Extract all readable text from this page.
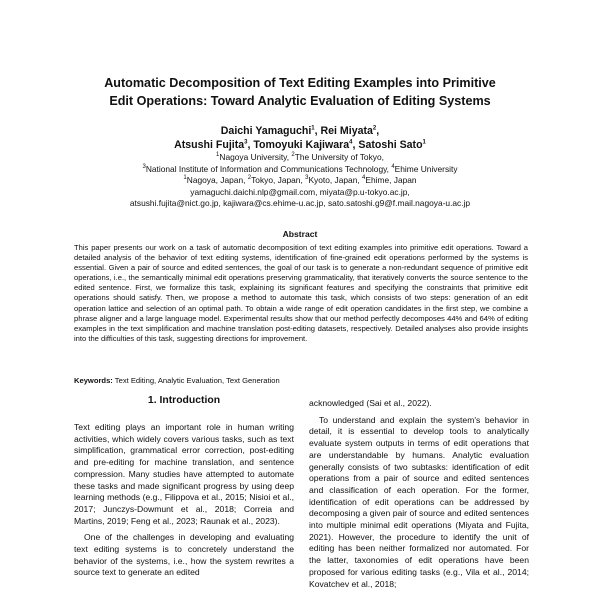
Automatic Decomposition of Text Editing Examples into Primitive
Edit Operations: Toward Analytic Evaluation of Editing Systems
Daichi Yamaguchi$^1$, Rei Miyata$^2$,
Atsushi Fujita$^3$, Tomoyuki Kajiwara$^4$, Satoshi Sato$^1$
$^1$Nagoya University, $^2$The University of Tokyo,
$^3$National Institute of Information and Communications Technology, $^4$Ehime University
$^1$Nagoya, Japan, $^2$Tokyo, Japan, $^3$Kyoto, Japan, $^4$Ehime, Japan
yamaguchi.daichi.nlp@gmail.com, miyata@p.u-tokyo.ac.jp,
atsushi.fujita@nict.go.jp, kajiwara@cs.ehime-u.ac.jp, sato.satoshi.g9@f.mail.nagoya-u.ac.jp
Abstract
This paper presents our work on a task of automatic decomposition of text editing examples into primitive edit operations. Toward a detailed analysis of the behavior of text editing systems, identification of fine-grained edit operations performed by the systems is essential. Given a pair of source and edited sentences, the goal of our task is to generate a non-redundant sequence of primitive edit operations, i.e., the semantically minimal edit operations preserving grammaticality, that iteratively converts the source sentence to the edited sentence. First, we formalize this task, explaining its significant features and specifying the constraints that primitive edit operations should satisfy. Then, we propose a method to automate this task, which consists of two steps: generation of an edit operation lattice and selection of an optimal path. To obtain a wide range of edit operation candidates in the first step, we combine a phrase aligner and a large language model. Experimental results show that our method perfectly decomposes 44% and 64% of editing examples in the text simplification and machine translation post-editing datasets, respectively. Detailed analyses also provide insights into the difficulties of this task, suggesting directions for improvement.
Keywords: Text Editing, Analytic Evaluation, Text Generation
1. Introduction

Text editing plays an important role in human writing activities, which widely covers various tasks, such as text simplification, grammatical error correction, post-editing and pre-editing for machine translation, and sentence compression. Many studies have attempted to automate these tasks and made significant progress by using deep learning methods (e.g., Filippova et al., 2015; Nisioi et al., 2017; Junczys-Dowmunt et al., 2018; Correia and Martins, 2019; Feng et al., 2023; Raunak et al., 2023).

One of the challenges in developing and evaluating text editing systems is to concretely understand the behavior of the systems, i.e., how the system rewrites a source text to generate an edited

acknowledged (Sai et al., 2022).

To understand and explain the system's behavior in detail, it is essential to develop tools to analytically evaluate system outputs in terms of edit operations that are understandable by humans. Analytic evaluation generally consists of two subtasks: identification of edit operations from a pair of source and edited sentences and classification of each operation. For the former, identification of edit operations can be addressed by decomposing a given pair of source and edited sentences into multiple minimal edit operations (Miyata and Fujita, 2021). However, the procedure to identify the unit of editing has been neither formalized nor automated. For the latter, taxonomies of edit operations have been proposed for various editing tasks (e.g., Vila et al., 2014; Kovatchev et al., 2018;
